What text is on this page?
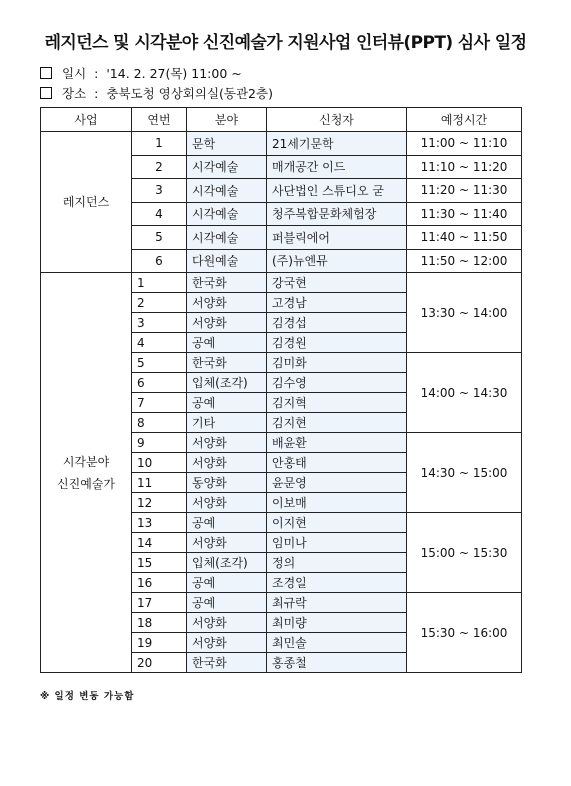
레지던스 및 시각분야 신진예술가 지원사업 인터뷰(PPT) 심사 일정
일시 : '14. 2. 27(목) 11:00 ~
장소 : 충북도청 영상회의실(동관2층)
사업	연번	분야	신청자	예정시간
레지던스	1	문학	21세기문학	11:00 ~ 11:10
	2	시각예술	매개공간 이드	11:10 ~ 11:20
	3	시각예술	사단법인 스튜디오 굳	11:20 ~ 11:30
	4	시각예술	청주복합문화체험장	11:30 ~ 11:40
	5	시각예술	퍼블릭에어	11:40 ~ 11:50
	6	다원예술	(주)뉴엔뮤	11:50 ~ 12:00

시각분야
신진예술가	1	한국화	강국현	13:30 ~ 14:00
	2	서양화	고경남	
	3	서양화	김경섭	
	4	공예	김경원	
	5	한국화	김미화	14:00 ~ 14:30
	6	입체(조각)	김수영	
	7	공예	김지혁	
	8	기타	김지현	
	9	서양화	배윤환	14:30 ~ 15:00
	10	서양화	안홍태	
	11	동양화	윤문영	
	12	서양화	이보매	
	13	공예	이지현	15:00 ~ 15:30
	14	서양화	임미나	
	15	입체(조각)	정의	
	16	공예	조경일	
	17	공예	최규락	15:30 ~ 16:00
	18	서양화	최미량	
	19	서양화	최민솔	
	20	한국화	홍종철	
※ 일정 변동 가능함
